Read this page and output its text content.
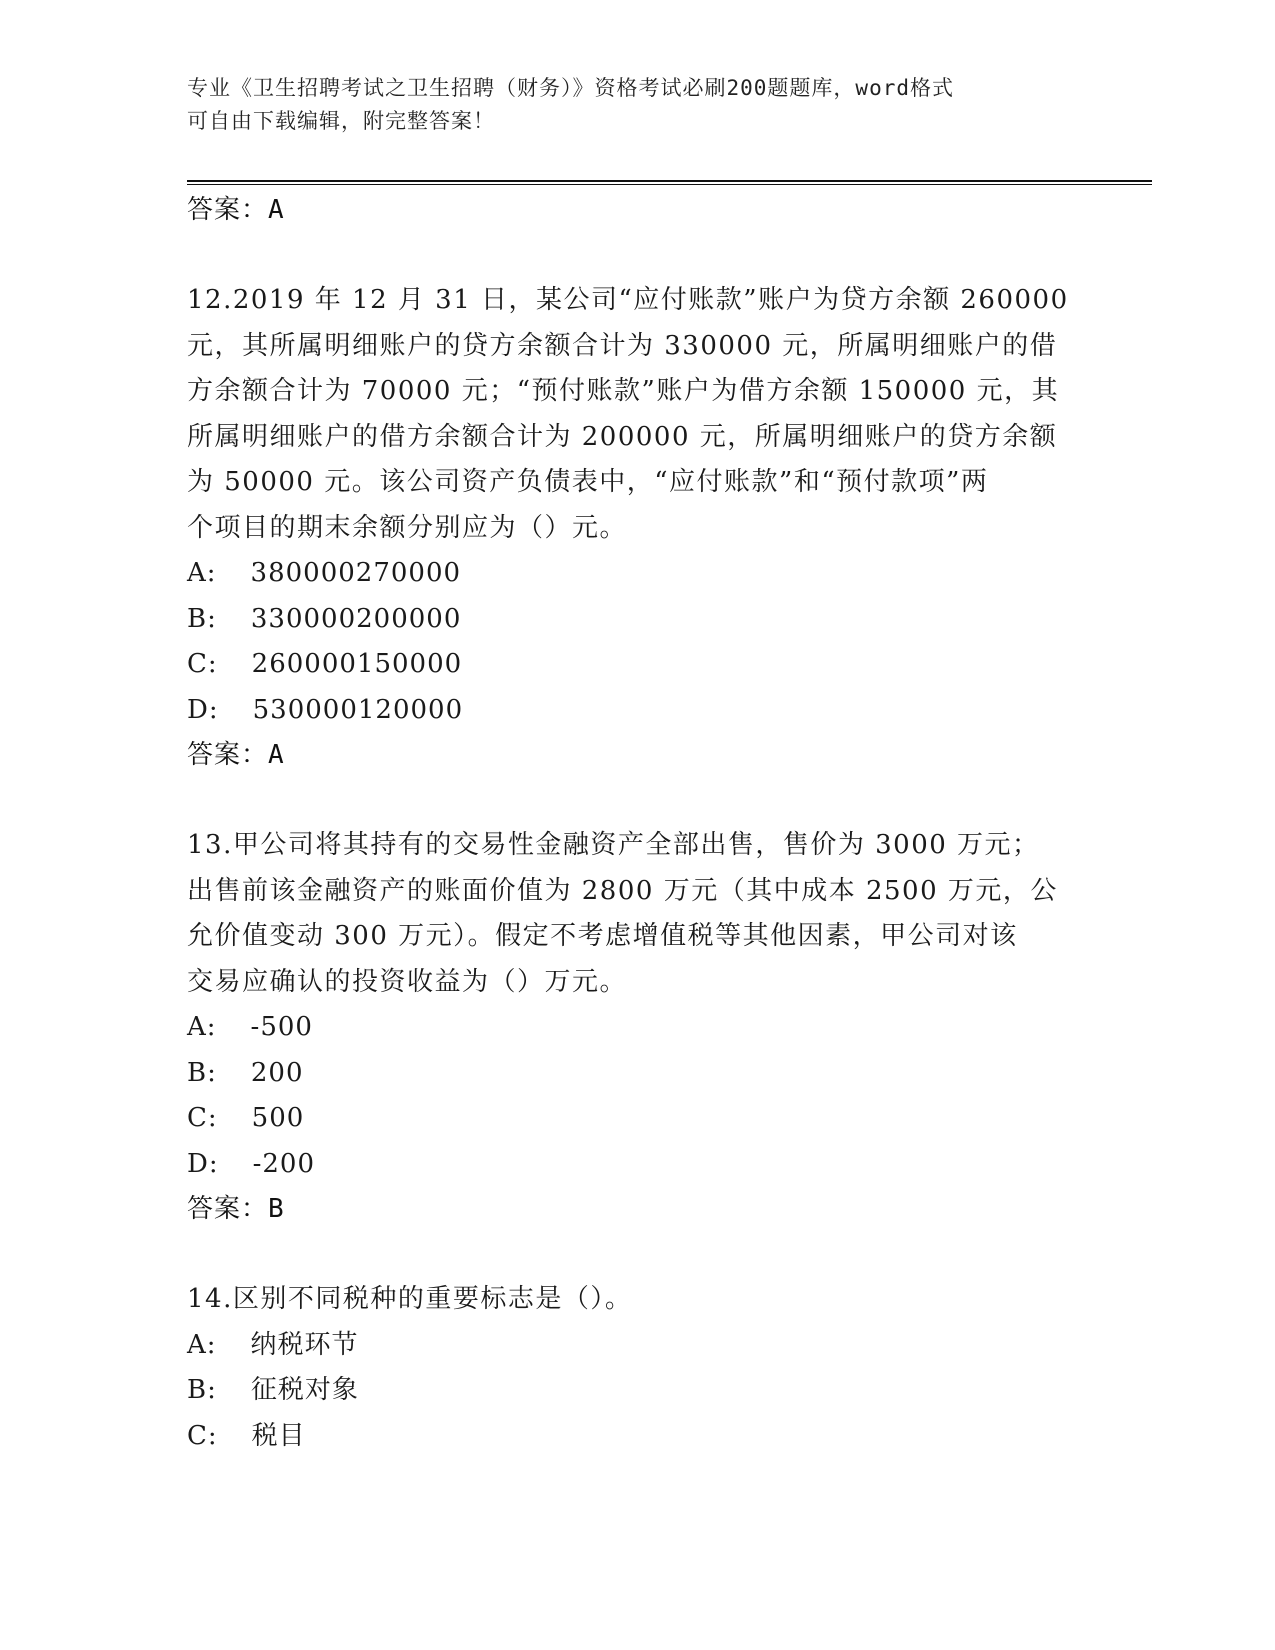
专业《卫生招聘考试之卫生招聘（财务）》资格考试必刷200题题库，word格式
可自由下载编辑，附完整答案！
答案：A
12.2019 年 12 月 31 日，某公司“应付账款”账户为贷方余额 260000
元，其所属明细账户的贷方余额合计为 330000 元，所属明细账户的借
方余额合计为 70000 元；“预付账款”账户为借方余额 150000 元，其
所属明细账户的借方余额合计为 200000 元，所属明细账户的贷方余额
为 50000 元。该公司资产负债表中，“应付账款”和“预付款项”两
个项目的期末余额分别应为（）元。
A: 380000270000
B: 330000200000
C: 260000150000
D: 530000120000
答案：A
13.甲公司将其持有的交易性金融资产全部出售，售价为 3000 万元；
出售前该金融资产的账面价值为 2800 万元（其中成本 2500 万元，公
允价值变动 300 万元）。假定不考虑增值税等其他因素，甲公司对该
交易应确认的投资收益为（）万元。
A: -500
B: 200
C: 500
D: -200
答案：B
14.区别不同税种的重要标志是（）。
A: 纳税环节
B: 征税对象
C: 税目
